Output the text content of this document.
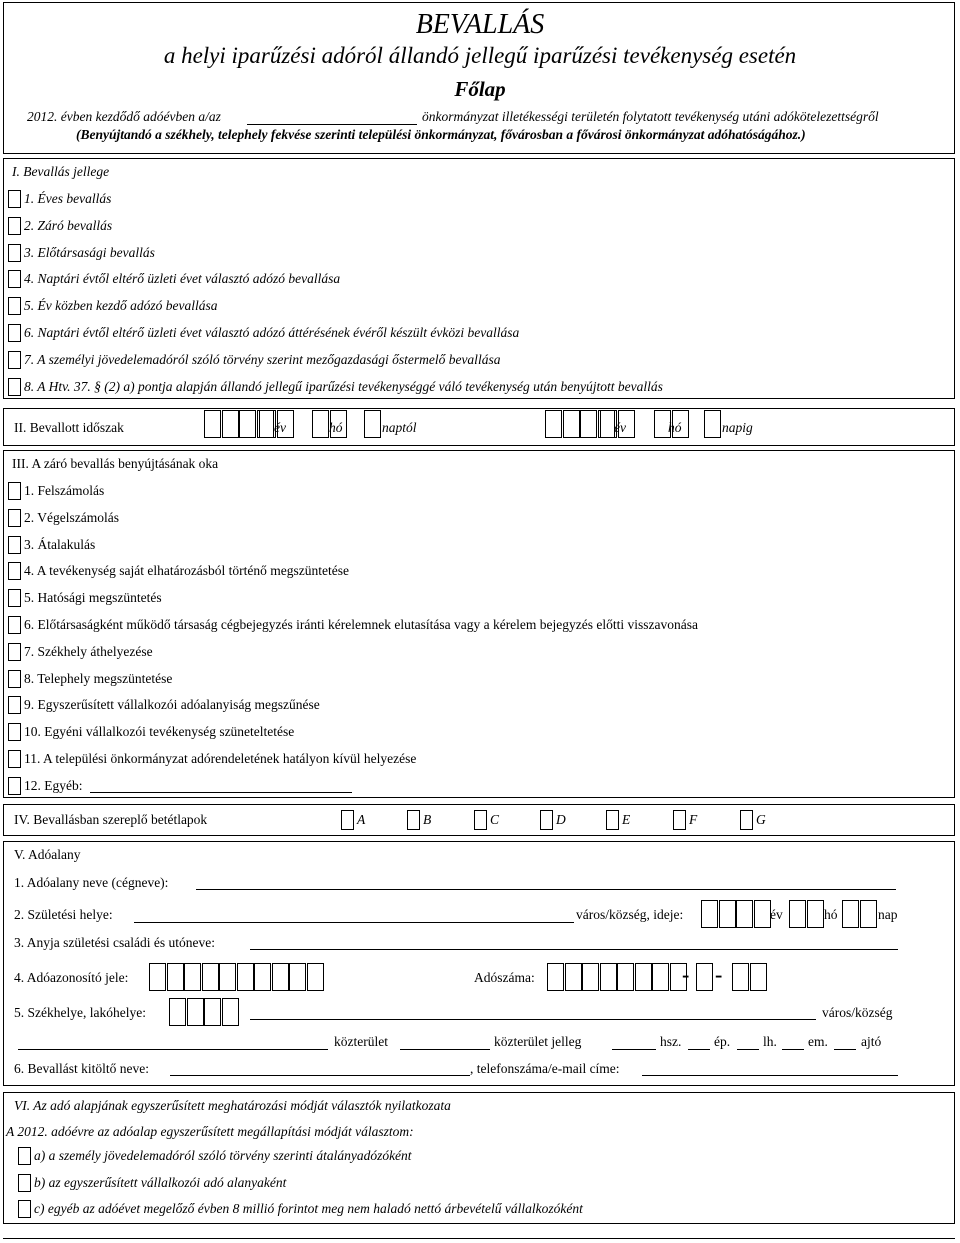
BEVALLÁS
a helyi iparűzési adóról állandó jellegű iparűzési tevékenység esetén
Főlap
2012. évben kezdődő adóévben a/az	önkormányzat illetékességi területén folytatott tevékenység utáni adókötelezettségről
(Benyújtandó a székhely, telephely fekvése szerinti települési önkormányzat, fővárosban a fővárosi önkormányzat adóhatóságához.)
I. Bevallás jellege
1. Éves bevallás
2. Záró bevallás
3. Előtársasági bevallás
4. Naptári évtől eltérő üzleti évet választó adózó bevallása
5. Év közben kezdő adózó bevallása
6. Naptári évtől eltérő üzleti évet választó adózó áttérésének évéről készült évközi bevallása
7. A személyi jövedelemadóról szóló törvény szerint mezőgazdasági őstermelő bevallása
8. A Htv. 37. § (2) a) pontja alapján állandó jellegű iparűzési tevékenységgé váló tevékenység után benyújtott bevallás
II. Bevallott időszak	év	hó	naptól	év	hó	napig
III. A záró bevallás benyújtásának oka
1. Felszámolás
2. Végelszámolás
3. Átalakulás
4. A tevékenység saját elhatározásból történő megszüntetése
5. Hatósági megszüntetés
6. Előtársaságként működő társaság cégbejegyzés iránti kérelemnek elutasítása vagy a kérelem bejegyzés előtti visszavonása
7. Székhely áthelyezése
8. Telephely megszüntetése
9. Egyszerűsített vállalkozói adóalanyiság megszűnése
10. Egyéni vállalkozói tevékenység szüneteltetése
11. A települési önkormányzat adórendeletének hatályon kívül helyezése
12. Egyéb:
IV. Bevallásban szereplő betétlapok	A	B	C	D	E	F	G
V. Adóalany
1. Adóalany neve (cégneve):
2. Születési helye:	város/község, ideje:	év	hó	nap
3. Anyja születési családi és utóneve:
4. Adóazonosító jele:	Adószáma:	- -
5. Székhelye, lakóhelye:	város/község
közterület	közterület jelleg	hsz. ép. lh. em. ajtó
6. Bevallást kitöltő neve:	, telefonszáma/e-mail címe:
VI. Az adó alapjának egyszerűsített meghatározási módját választók nyilatkozata
A 2012. adóévre az adóalap egyszerűsített megállapítási módját választom:
a) a személy jövedelemadóról szóló törvény szerinti átalányadózóként
b) az egyszerűsített vállalkozói adó alanyaként
c) egyéb az adóévet megelőző évben 8 millió forintot meg nem haladó nettó árbevételű vállalkozóként
